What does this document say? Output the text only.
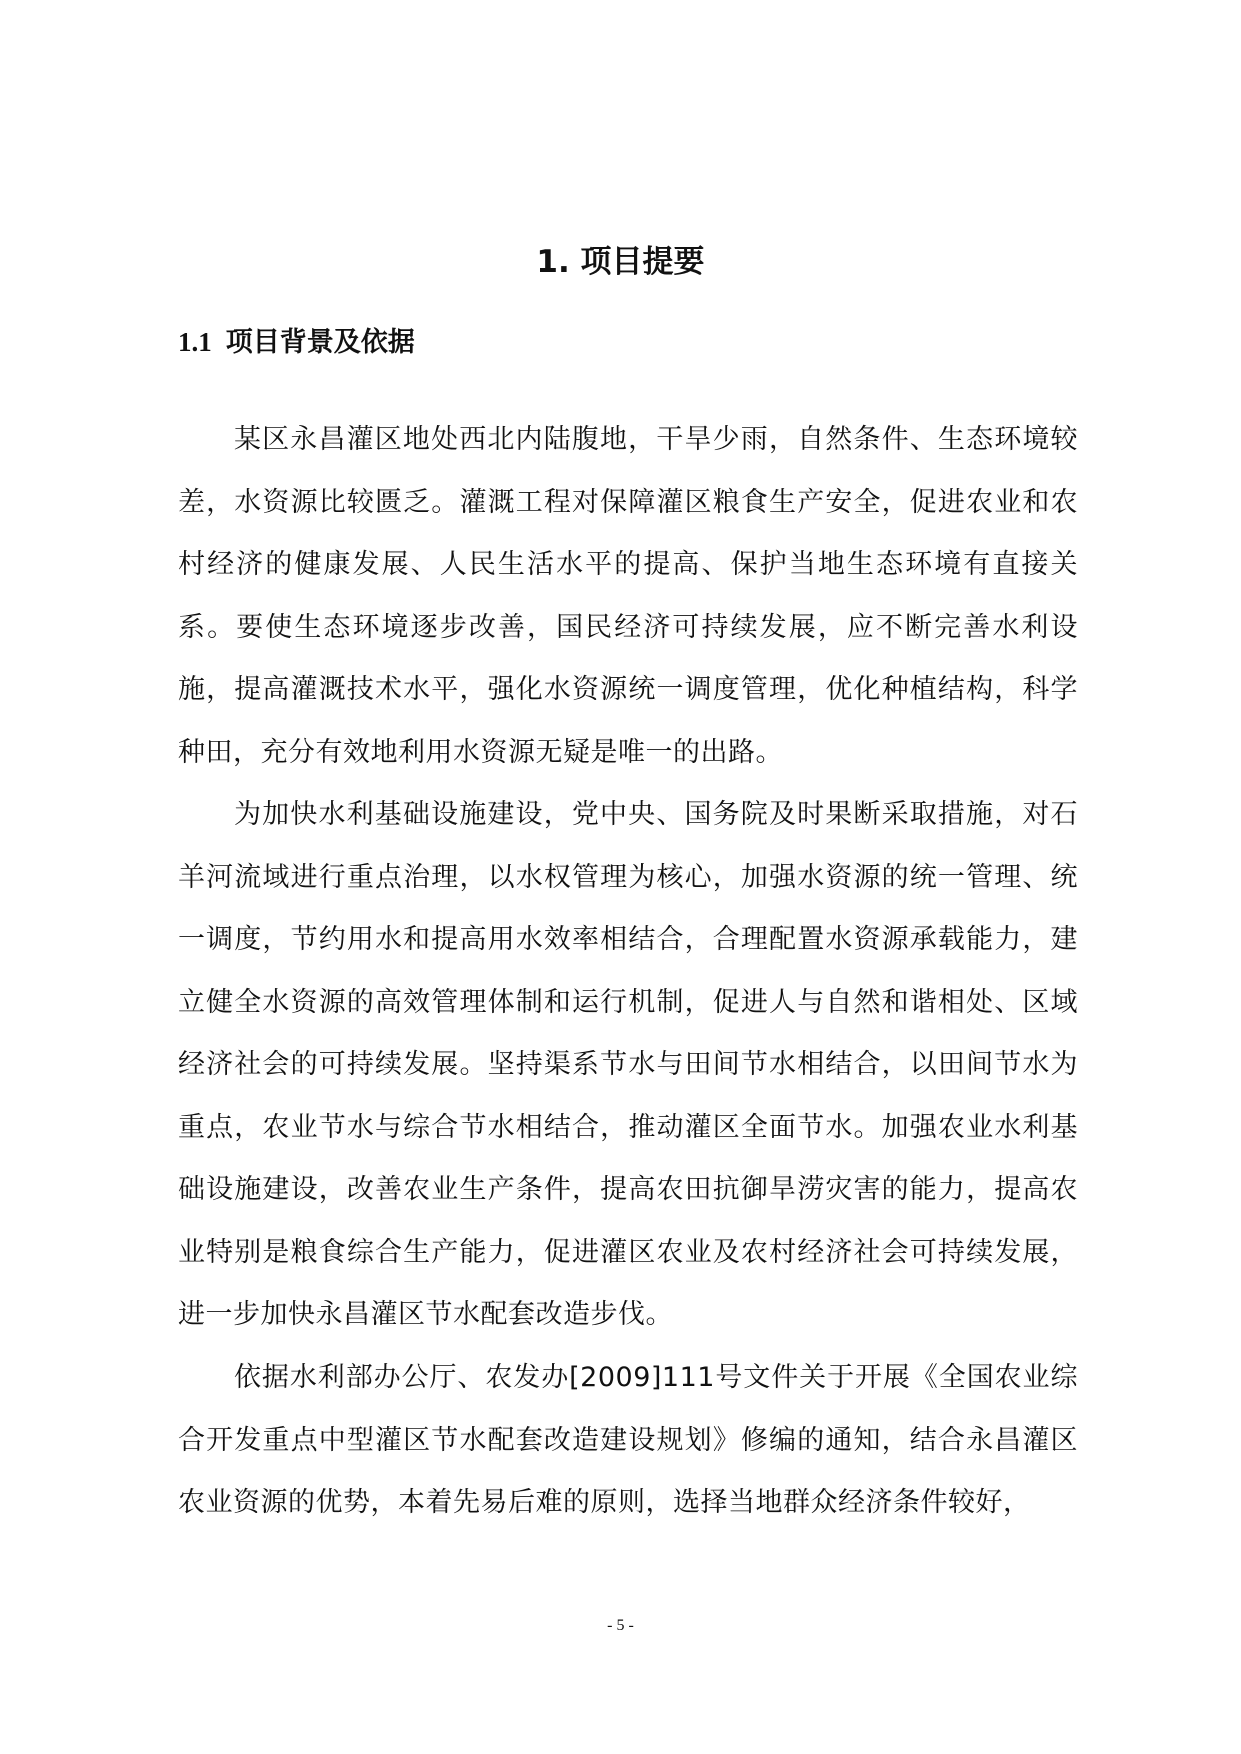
1. 项目提要
1.1 项目背景及依据

某区永昌灌区地处西北内陆腹地，干旱少雨，自然条件、生态环境较差，水资源比较匮乏。灌溉工程对保障灌区粮食生产安全，促进农业和农村经济的健康发展、人民生活水平的提高、保护当地生态环境有直接关系。要使生态环境逐步改善，国民经济可持续发展，应不断完善水利设施，提高灌溉技术水平，强化水资源统一调度管理，优化种植结构，科学种田，充分有效地利用水资源无疑是唯一的出路。

为加快水利基础设施建设，党中央、国务院及时果断采取措施，对石羊河流域进行重点治理，以水权管理为核心，加强水资源的统一管理、统一调度，节约用水和提高用水效率相结合，合理配置水资源承载能力，建立健全水资源的高效管理体制和运行机制，促进人与自然和谐相处、区域经济社会的可持续发展。坚持渠系节水与田间节水相结合，以田间节水为重点，农业节水与综合节水相结合，推动灌区全面节水。加强农业水利基础设施建设，改善农业生产条件，提高农田抗御旱涝灾害的能力，提高农业特别是粮食综合生产能力，促进灌区农业及农村经济社会可持续发展，进一步加快永昌灌区节水配套改造步伐。

依据水利部办公厅、农发办[2009]111号文件关于开展《全国农业综合开发重点中型灌区节水配套改造建设规划》修编的通知，结合永昌灌区农业资源的优势，本着先易后难的原则，选择当地群众经济条件较好，

- 5 -
